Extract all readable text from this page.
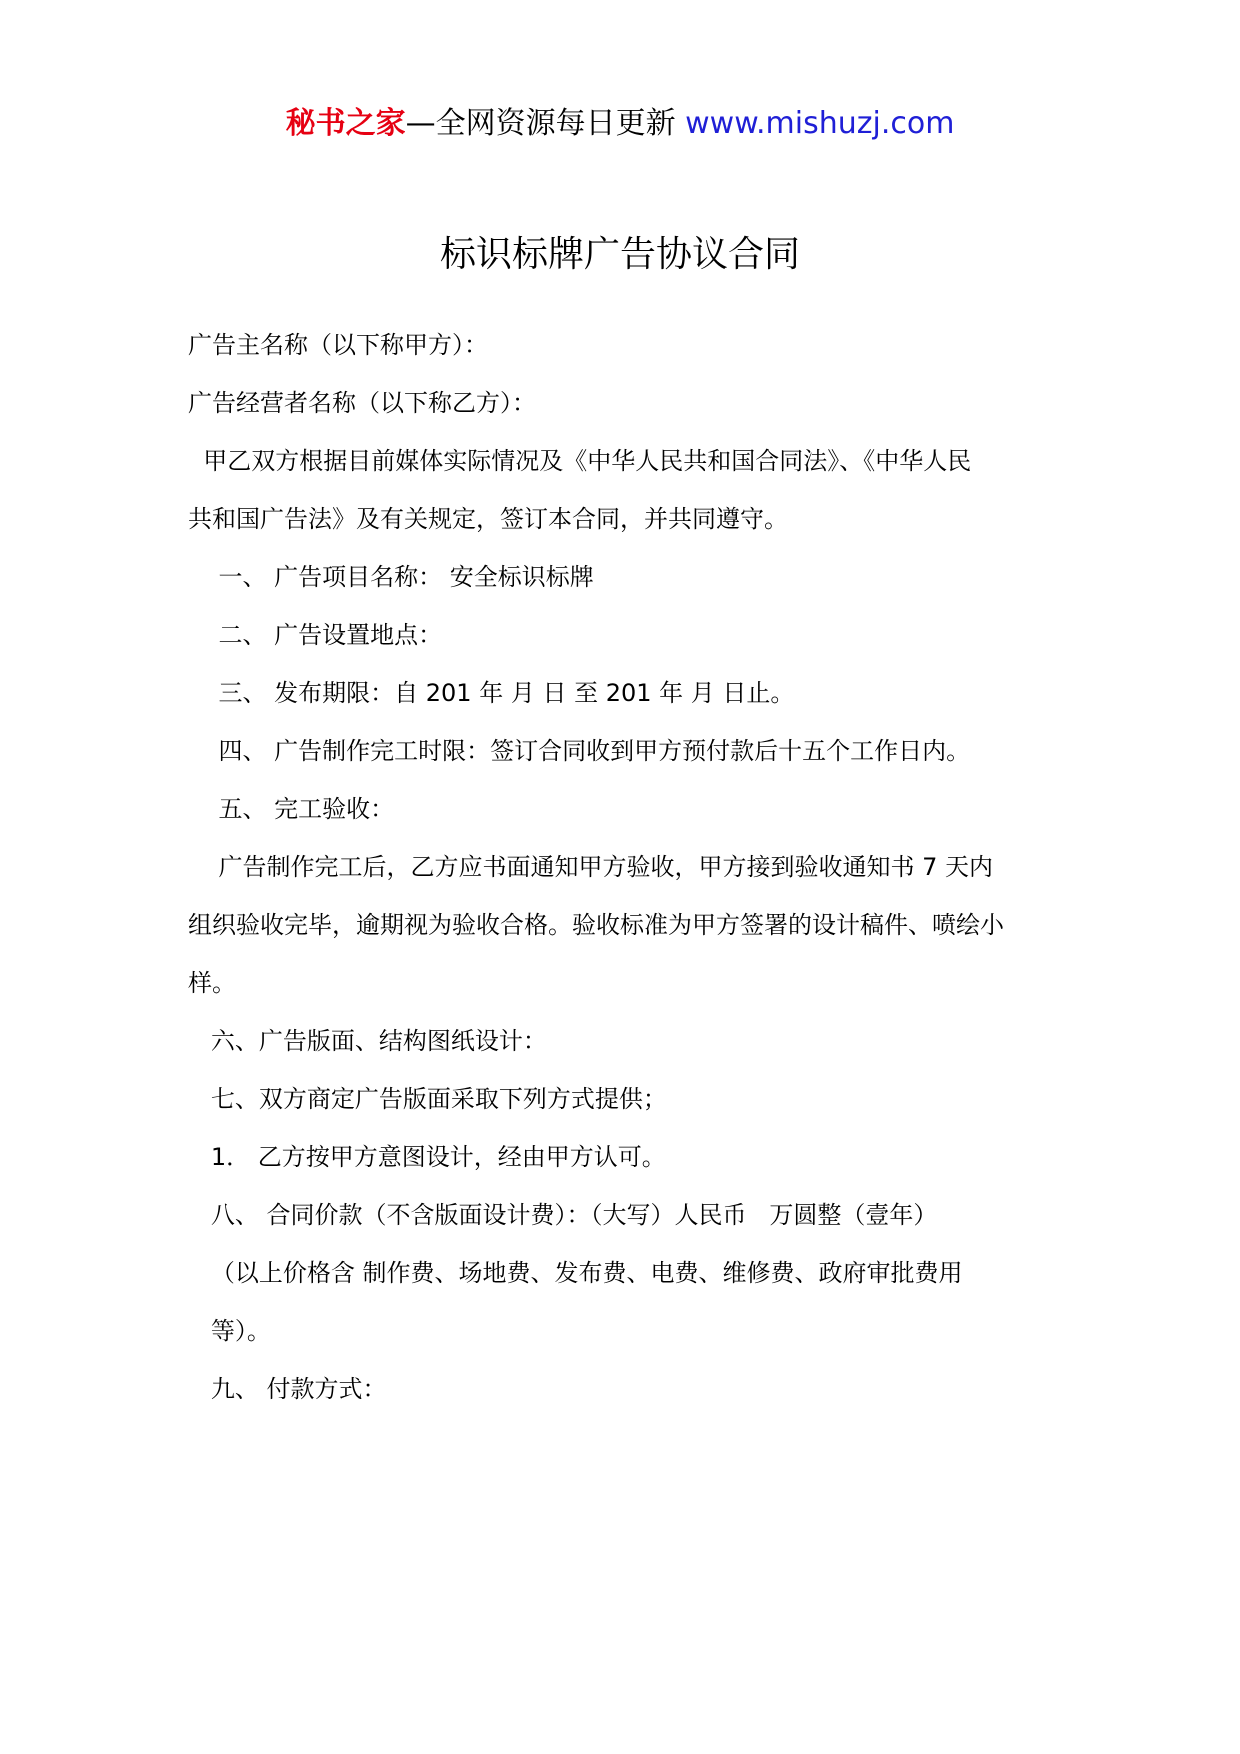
秘书之家—全网资源每日更新 www.mishuzj.com
标识标牌广告协议合同
广告主名称（以下称甲方）：
广告经营者名称（以下称乙方）：
甲乙双方根据目前媒体实际情况及《中华人民共和国合同法》、《中华人民
共和国广告法》及有关规定，签订本合同，并共同遵守。
一、 广告项目名称： 安全标识标牌
二、 广告设置地点：
三、 发布期限：自 201 年 月 日 至 201 年 月 日止。
四、 广告制作完工时限：签订合同收到甲方预付款后十五个工作日内。
五、 完工验收：
广告制作完工后，乙方应书面通知甲方验收，甲方接到验收通知书 7 天内
组织验收完毕，逾期视为验收合格。验收标准为甲方签署的设计稿件、喷绘小
样。
六、广告版面、结构图纸设计：
七、双方商定广告版面采取下列方式提供；
1． 乙方按甲方意图设计，经由甲方认可。
八、 合同价款（不含版面设计费）：（大写）人民币   万圆整（壹年）
（以上价格含 制作费、场地费、发布费、电费、维修费、政府审批费用
等）。
九、 付款方式：
